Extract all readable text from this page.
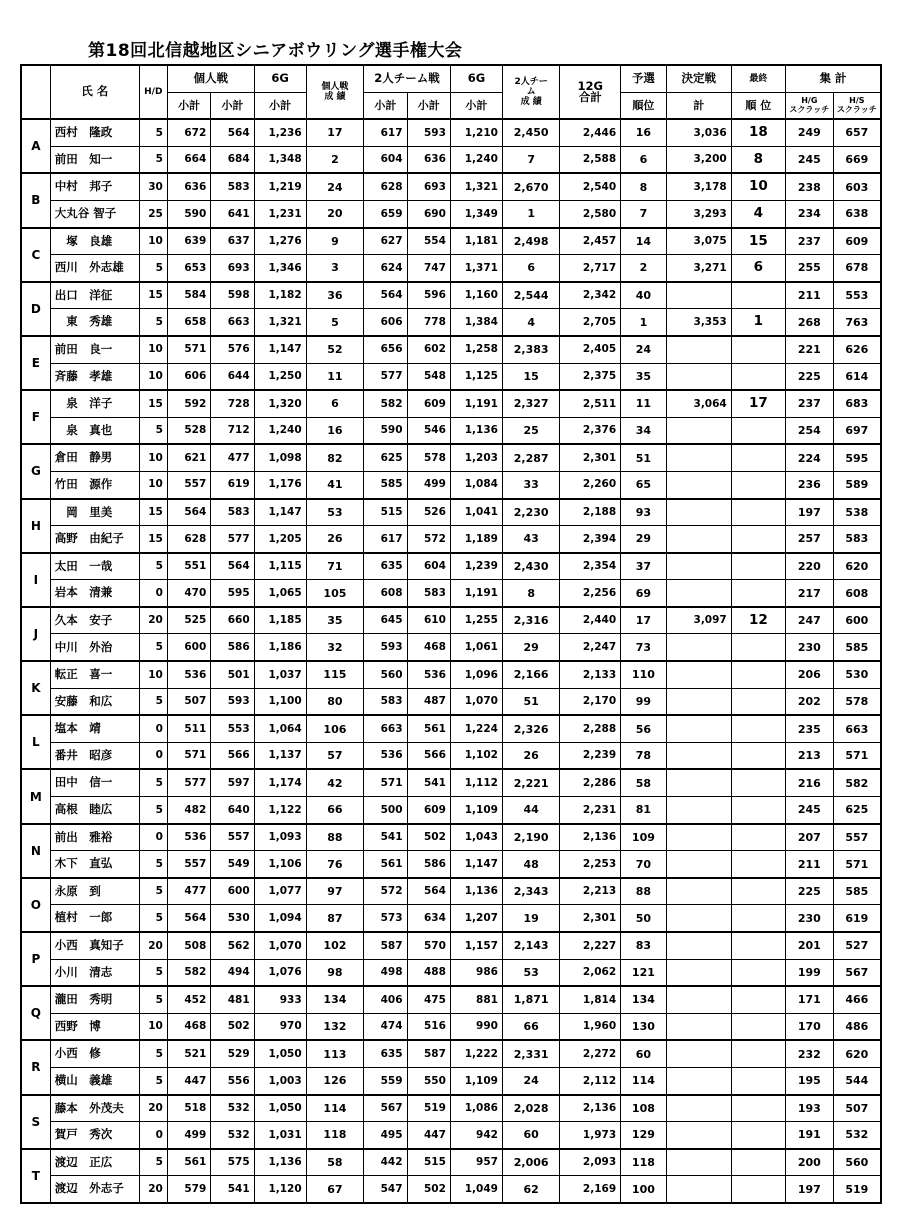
第18回北信越地区シニアボウリング選手権大会
	氏 名	H/D	個人戦		6G	個人戦
成 績	2人チーム戦		6G	2人チー
ム
成 績	12G
合計	予選	決定戦	最終	集 計	
			小計	小計	小計		小計	小計	小計			順位	計	順 位	H/G
スクラッチ	H/S
スクラッチ
A	西村　隆政	5	672	564	1,236	17	617	593	1,210	2,450	2,446	16	3,036	18	249	657
	前田　知一	5	664	684	1,348	2	604	636	1,240	7	2,588	6	3,200	8	245	669
B	中村　邦子	30	636	583	1,219	24	628	693	1,321	2,670	2,540	8	3,178	10	238	603
	大丸谷 智子	25	590	641	1,231	20	659	690	1,349	1	2,580	7	3,293	4	234	638
C	　塚　良雄	10	639	637	1,276	9	627	554	1,181	2,498	2,457	14	3,075	15	237	609
	西川　外志雄	5	653	693	1,346	3	624	747	1,371	6	2,717	2	3,271	6	255	678
D	出口　洋征	15	584	598	1,182	36	564	596	1,160	2,544	2,342	40			211	553
	　東　秀雄	5	658	663	1,321	5	606	778	1,384	4	2,705	1	3,353	1	268	763
E	前田　良一	10	571	576	1,147	52	656	602	1,258	2,383	2,405	24			221	626
	斉藤　孝雄	10	606	644	1,250	11	577	548	1,125	15	2,375	35			225	614
F	　泉　洋子	15	592	728	1,320	6	582	609	1,191	2,327	2,511	11	3,064	17	237	683
	　泉　真也	5	528	712	1,240	16	590	546	1,136	25	2,376	34			254	697
G	倉田　静男	10	621	477	1,098	82	625	578	1,203	2,287	2,301	51			224	595
	竹田　源作	10	557	619	1,176	41	585	499	1,084	33	2,260	65			236	589
H	　岡　里美	15	564	583	1,147	53	515	526	1,041	2,230	2,188	93			197	538
	高野　由紀子	15	628	577	1,205	26	617	572	1,189	43	2,394	29			257	583
I	太田　一哉	5	551	564	1,115	71	635	604	1,239	2,430	2,354	37			220	620
	岩本　清兼	0	470	595	1,065	105	608	583	1,191	8	2,256	69			217	608
J	久本　安子	20	525	660	1,185	35	645	610	1,255	2,316	2,440	17	3,097	12	247	600
	中川　外治	5	600	586	1,186	32	593	468	1,061	29	2,247	73			230	585
K	転正　喜一	10	536	501	1,037	115	560	536	1,096	2,166	2,133	110			206	530
	安藤　和広	5	507	593	1,100	80	583	487	1,070	51	2,170	99			202	578
L	塩本　靖	0	511	553	1,064	106	663	561	1,224	2,326	2,288	56			235	663
	番井　昭彦	0	571	566	1,137	57	536	566	1,102	26	2,239	78			213	571
M	田中　信一	5	577	597	1,174	42	571	541	1,112	2,221	2,286	58			216	582
	高根　睦広	5	482	640	1,122	66	500	609	1,109	44	2,231	81			245	625
N	前出　雅裕	0	536	557	1,093	88	541	502	1,043	2,190	2,136	109			207	557
	木下　直弘	5	557	549	1,106	76	561	586	1,147	48	2,253	70			211	571
O	永原　到	5	477	600	1,077	97	572	564	1,136	2,343	2,213	88			225	585
	植村　一郎	5	564	530	1,094	87	573	634	1,207	19	2,301	50			230	619
P	小西　真知子	20	508	562	1,070	102	587	570	1,157	2,143	2,227	83			201	527
	小川　清志	5	582	494	1,076	98	498	488	986	53	2,062	121			199	567
Q	瀧田　秀明	5	452	481	933	134	406	475	881	1,871	1,814	134			171	466
	西野　博	10	468	502	970	132	474	516	990	66	1,960	130			170	486
R	小西　修	5	521	529	1,050	113	635	587	1,222	2,331	2,272	60			232	620
	横山　義雄	5	447	556	1,003	126	559	550	1,109	24	2,112	114			195	544
S	藤本　外茂夫	20	518	532	1,050	114	567	519	1,086	2,028	2,136	108			193	507
	賀戸　秀次	0	499	532	1,031	118	495	447	942	60	1,973	129			191	532
T	渡辺　正広	5	561	575	1,136	58	442	515	957	2,006	2,093	118			200	560
	渡辺　外志子	20	579	541	1,120	67	547	502	1,049	62	2,169	100			197	519
